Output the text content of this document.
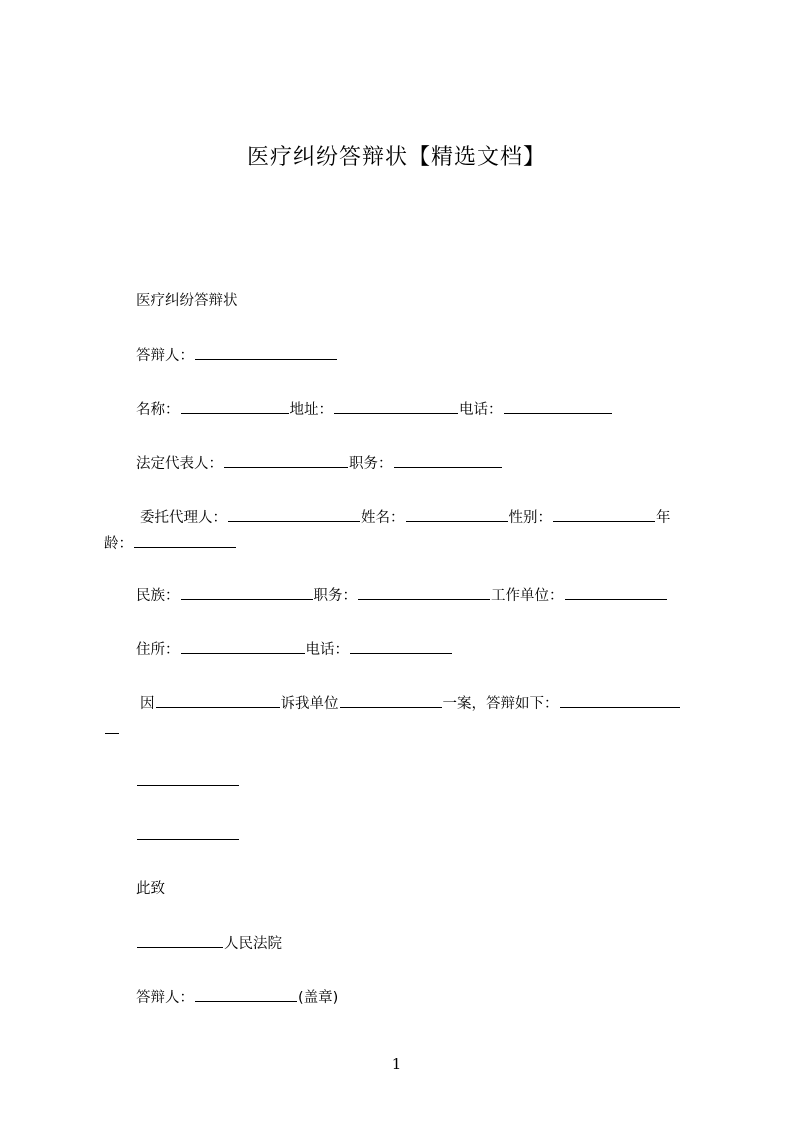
医疗纠纷答辩状【精选文档】
医疗纠纷答辩状
答辩人：
名称：	地址：	电话：
法定代表人：	职务：
委托代理人：	姓名：	性别：	年
龄：
民族：	职务：	工作单位：
住所：	电话：
因	诉我单位	一案，答辩如下：
此致
人民法院
答辩人：	(盖章)
1
